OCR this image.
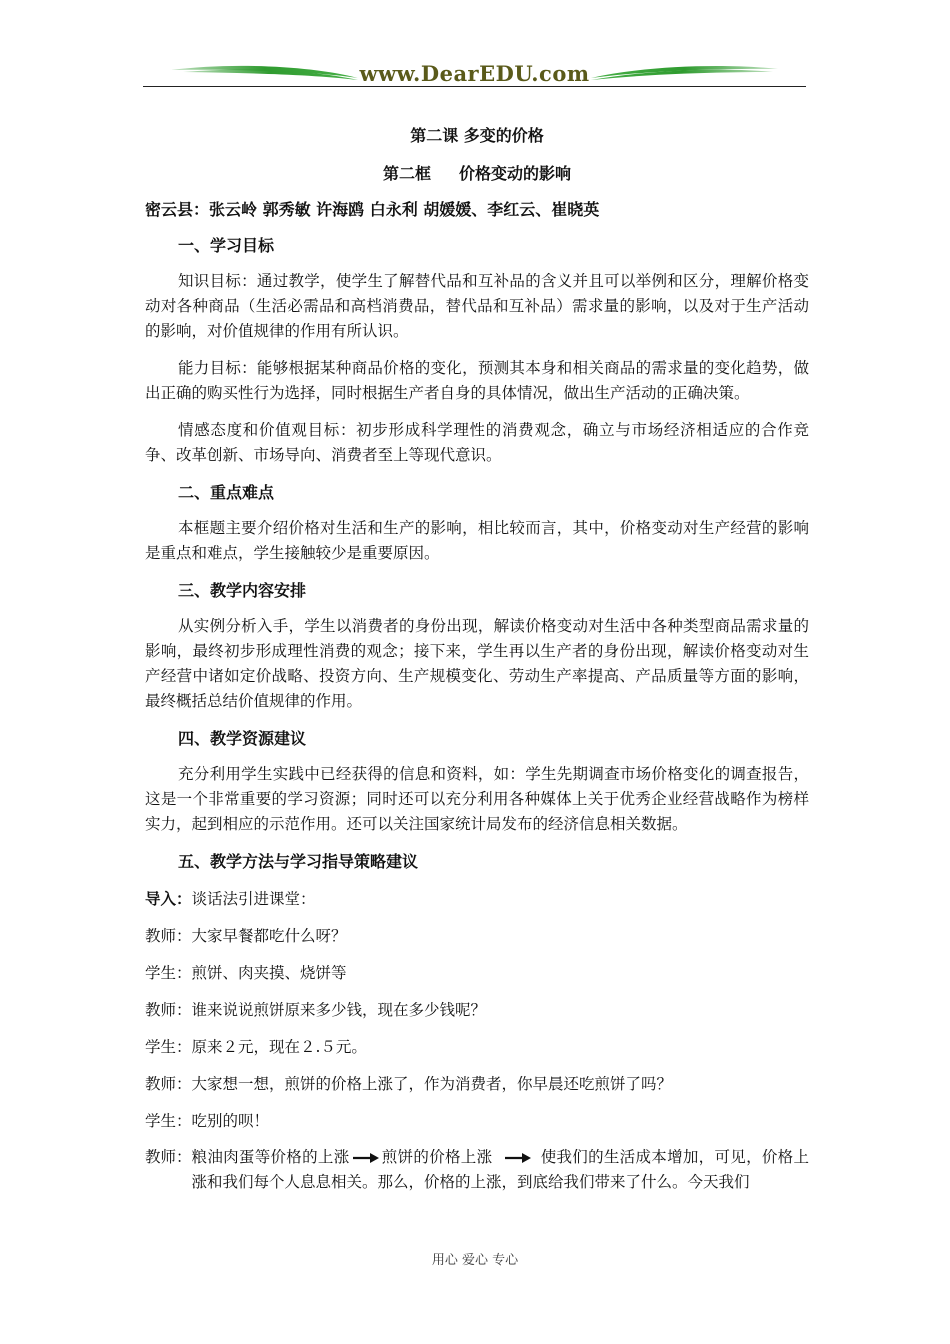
www.DearEDU.com
第二课 多变的价格
第二框 价格变动的影响
密云县：张云岭 郭秀敏 许海鸥 白永利 胡媛媛、李红云、崔晓英
一、学习目标
知识目标：通过教学，使学生了解替代品和互补品的含义并且可以举例和区分，理解价格变动对各种商品（生活必需品和高档消费品，替代品和互补品）需求量的影响，以及对于生产活动的影响，对价值规律的作用有所认识。
能力目标：能够根据某种商品价格的变化，预测其本身和相关商品的需求量的变化趋势，做出正确的购买性行为选择，同时根据生产者自身的具体情况，做出生产活动的正确决策。
情感态度和价值观目标：初步形成科学理性的消费观念，确立与市场经济相适应的合作竞争、改革创新、市场导向、消费者至上等现代意识。
二、重点难点
本框题主要介绍价格对生活和生产的影响，相比较而言，其中，价格变动对生产经营的影响是重点和难点，学生接触较少是重要原因。
三、教学内容安排
从实例分析入手，学生以消费者的身份出现，解读价格变动对生活中各种类型商品需求量的影响，最终初步形成理性消费的观念；接下来，学生再以生产者的身份出现，解读价格变动对生产经营中诸如定价战略、投资方向、生产规模变化、劳动生产率提高、产品质量等方面的影响，最终概括总结价值规律的作用。
四、教学资源建议
充分利用学生实践中已经获得的信息和资料，如：学生先期调查市场价格变化的调查报告，这是一个非常重要的学习资源；同时还可以充分利用各种媒体上关于优秀企业经营战略作为榜样实力，起到相应的示范作用。还可以关注国家统计局发布的经济信息相关数据。
五、教学方法与学习指导策略建议
导入：谈话法引进课堂：
教师：大家早餐都吃什么呀？
学生：煎饼、肉夹摸、烧饼等
教师：谁来说说煎饼原来多少钱，现在多少钱呢？
学生：原来２元，现在２.５元。
教师：大家想一想，煎饼的价格上涨了，作为消费者，你早晨还吃煎饼了吗？
学生：吃别的呗！
教师： 粮油肉蛋等价格的上涨 煎饼的价格上涨	使我们的生活成本增加，可见，价格上涨和我们每个人息息相关。那么，价格的上涨，到底给我们带来了什么。今天我们
用心 爱心 专心
